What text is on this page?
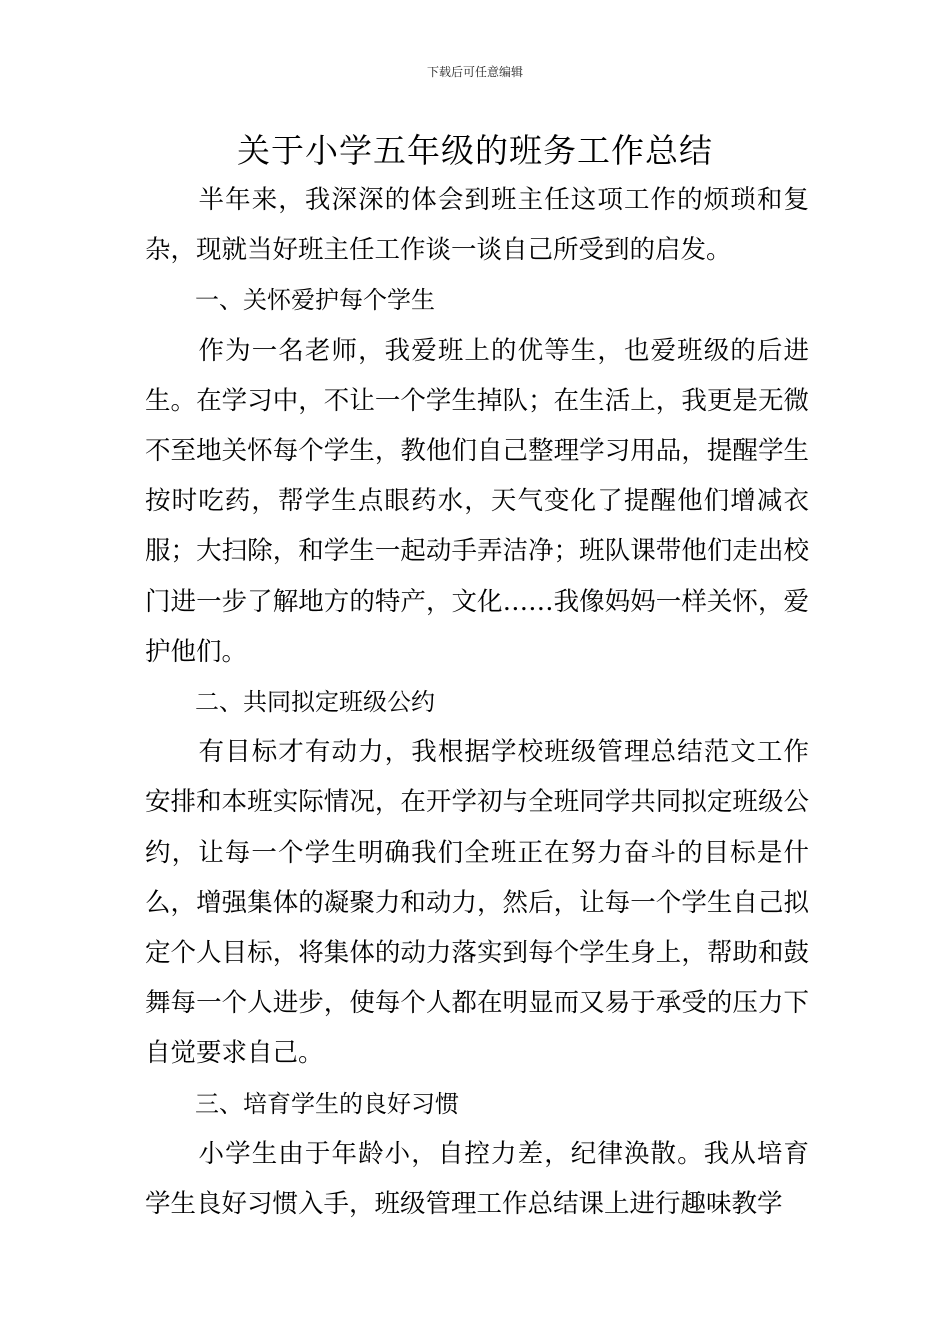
下载后可任意编辑
关于小学五年级的班务工作总结

半年来，我深深的体会到班主任这项工作的烦琐和复杂，现就当好班主任工作谈一谈自己所受到的启发。

一、关怀爱护每个学生

作为一名老师，我爱班上的优等生，也爱班级的后进生。在学习中，不让一个学生掉队；在生活上，我更是无微不至地关怀每个学生，教他们自己整理学习用品，提醒学生按时吃药，帮学生点眼药水，天气变化了提醒他们增减衣服；大扫除，和学生一起动手弄洁净；班队课带他们走出校门进一步了解地方的特产，文化……我像妈妈一样关怀，爱护他们。

二、共同拟定班级公约

有目标才有动力，我根据学校班级管理总结范文工作安排和本班实际情况，在开学初与全班同学共同拟定班级公约，让每一个学生明确我们全班正在努力奋斗的目标是什么，增强集体的凝聚力和动力，然后，让每一个学生自己拟定个人目标，将集体的动力落实到每个学生身上，帮助和鼓舞每一个人进步，使每个人都在明显而又易于承受的压力下自觉要求自己。

三、培育学生的良好习惯

小学生由于年龄小，自控力差，纪律涣散。我从培育学生良好习惯入手，班级管理工作总结课上进行趣味教学
